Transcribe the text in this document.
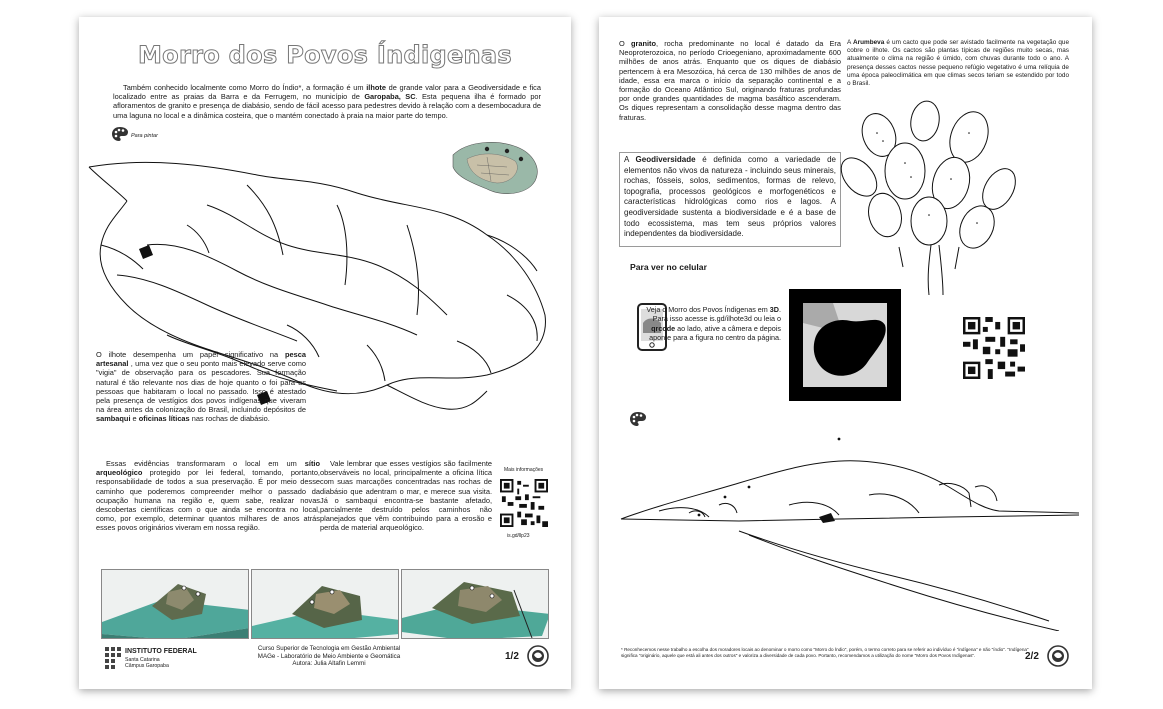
Morro dos Povos Índigenas

Também conhecido localmente como Morro do Índio*, a formação é um ilhote de grande valor para a Geodiversidade e fica localizado entre as praias da Barra e da Ferrugem, no município de Garopaba, SC. Esta pequena ilha é formado por afloramentos de granito e presença de diabásio, sendo de fácil acesso para pedestres devido à relação com a desembocadura de uma laguna no local e a dinâmica costeira, que o mantém conectado à praia na maior parte do tempo.

Para pintar

O ilhote desempenha um papel significativo na pesca artesanal , uma vez que o seu ponto mais elevado serve como "vigia" de observação para os pescadores. Sua formação natural é tão relevante nos dias de hoje quanto o foi para as pessoas que habitaram o local no passado. Isso é atestado pela presença de vestígios dos povos indígenas que viveram na área antes da colonização do Brasil, incluindo depósitos de sambaqui e oficinas líticas nas rochas de diabásio.

Essas evidências transformaram o local em um sítio arqueológico protegido por lei federal, tornando, portanto, responsabilidade de todos a sua preservação. É por meio desse caminho que poderemos compreender melhor o passado da ocupação humana na região e, quem sabe, realizar novas descobertas científicas com o que ainda se encontra no local, como, por exemplo, determinar quantos milhares de anos atrás esses povos originários viveram em nossa região.

Vale lembrar que esses vestígios são facilmente observáveis no local, principalmente a oficina lítica com suas marcações concentradas nas rochas de diabásio que adentram o mar, e merece sua visita. Já o sambaqui encontra-se bastante afetado, parcialmente destruído pelos caminhos não planejados que vêm contribuindo para a erosão e perda de material arqueológico.

Mais informações
is.gd/llp23
INSTITUTO FEDERAL
Santa Catarina
Câmpus Garopaba
Curso Superior de Tecnologia em Gestão Ambiental
MAGe - Laboratório de Meio Ambiente e Geomática
Autora: Julia Altafin Lemmi
1/2

O granito, rocha predominante no local é datado da Era Neoproterozoica, no período Crioegeniano, aproximadamente 600 milhões de anos atrás. Enquanto que os diques de diabásio pertencem à era Mesozóica, há cerca de 130 milhões de anos de idade, essa era marca o início da separação continental e a formação do Oceano Atlântico Sul, originando fraturas profundas por onde grandes quantidades de magma basáltico ascenderam. Os diques representam a consolidação desse magma dentro das fraturas.

A Geodiversidade é definida como a variedade de elementos não vivos da natureza - incluindo seus minerais, rochas, fósseis, solos, sedimentos, formas de relevo, topografia, processos geológicos e morfogenéticos e características hidrológicas como rios e lagos. A geodiversidade sustenta a biodiversidade e é a base de todo ecossistema, mas tem seus próprios valores independentes da biodiversidade.

A Arumbeva é um cacto que pode ser avistado facilmente na vegetação que cobre o ilhote. Os cactos são plantas típicas de regiões muito secas, mas atualmente o clima na região é úmido, com chuvas durante todo o ano. A presença desses cactos nesse pequeno refúgio vegetativo é uma relíquia de uma época paleoclimática em que climas secos teriam se estendido por todo o Brasil.

Para ver no celular

Veja o Morro dos Povos Índigenas em 3D. Para isso acesse is.gd/ilhote3d ou leia o qrcode ao lado, ative a câmera e depois aponte para a figura no centro da página.

* Reconhecemos nesse trabalho a escolha dos moradores locais ao denominar o morro como "Morro do Índio", porém, o termo correto para se referir ao indivíduo é "indígena" e não "índio". "Indígena" significa "originário, aquele que está ali antes dos outros" e valoriza a diversidade de cada povo. Portanto, recomendamos a utilização do nome "Morro dos Povos Indígenas".	2/2
